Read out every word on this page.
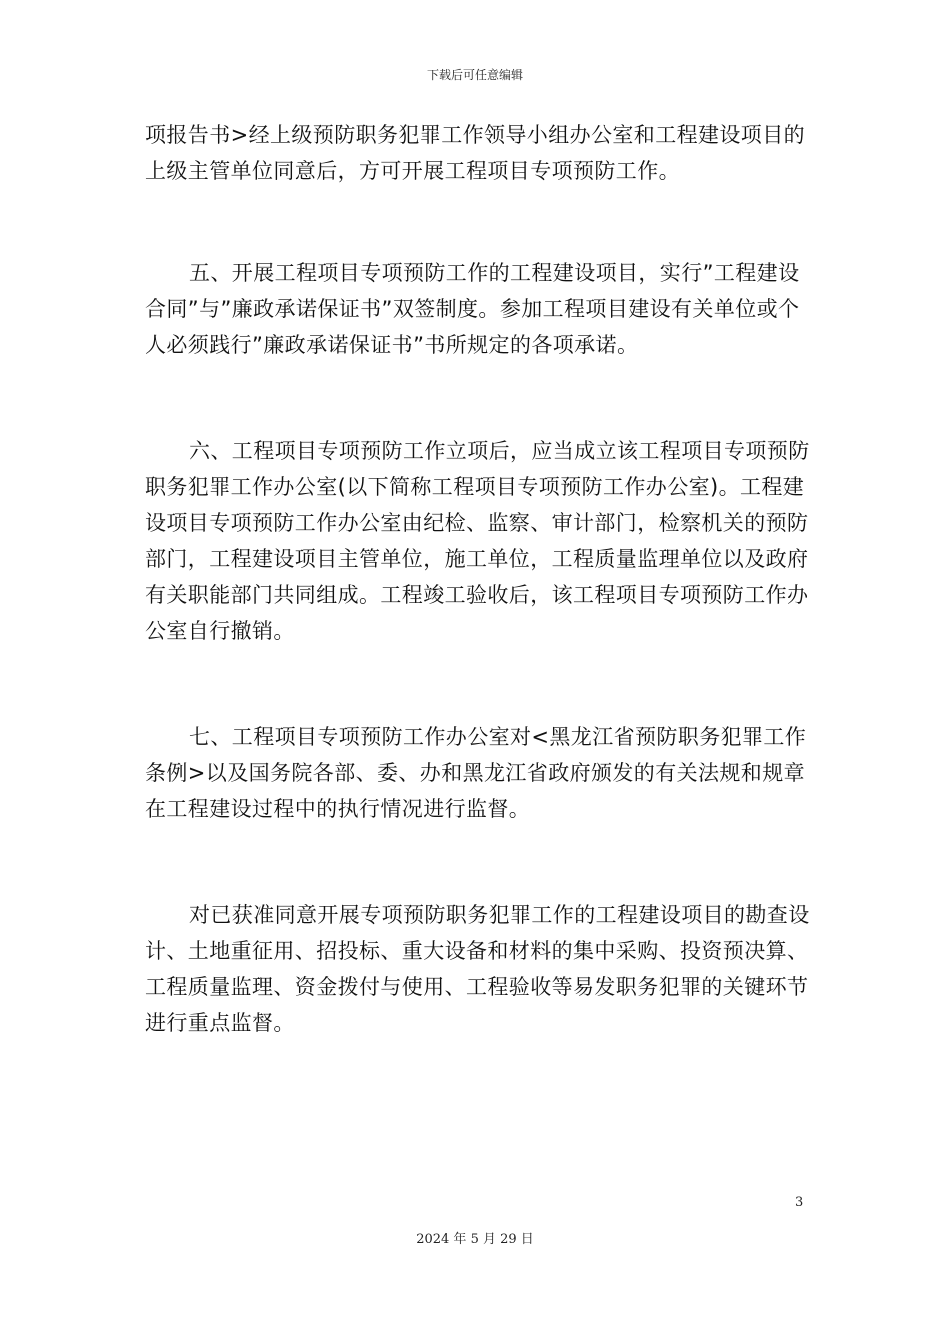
下载后可任意编辑

项报告书>经上级预防职务犯罪工作领导小组办公室和工程建设项目的上级主管单位同意后，方可开展工程项目专项预防工作。

五、开展工程项目专项预防工作的工程建设项目，实行”工程建设合同”与”廉政承诺保证书”双签制度。参加工程项目建设有关单位或个人必须践行”廉政承诺保证书”书所规定的各项承诺。

六、工程项目专项预防工作立项后，应当成立该工程项目专项预防职务犯罪工作办公室(以下简称工程项目专项预防工作办公室)。工程建设项目专项预防工作办公室由纪检、监察、审计部门，检察机关的预防部门，工程建设项目主管单位，施工单位，工程质量监理单位以及政府有关职能部门共同组成。工程竣工验收后，该工程项目专项预防工作办公室自行撤销。

七、工程项目专项预防工作办公室对<黑龙江省预防职务犯罪工作条例>以及国务院各部、委、办和黑龙江省政府颁发的有关法规和规章在工程建设过程中的执行情况进行监督。

对已获准同意开展专项预防职务犯罪工作的工程建设项目的勘查设计、土地重征用、招投标、重大设备和材料的集中采购、投资预决算、工程质量监理、资金拨付与使用、工程验收等易发职务犯罪的关键环节进行重点监督。

3
2024 年 5 月 29 日
